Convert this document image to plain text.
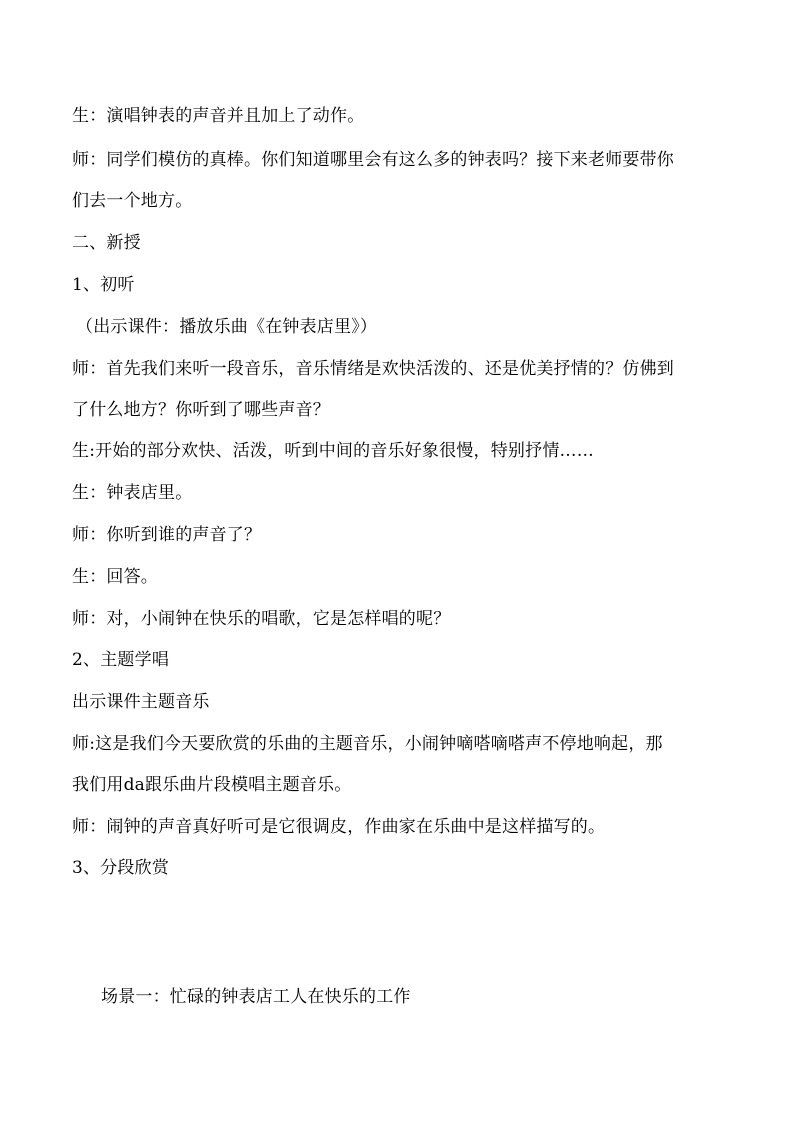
生：演唱钟表的声音并且加上了动作。
师：同学们模仿的真棒。你们知道哪里会有这么多的钟表吗？接下来老师要带你
们去一个地方。
二、新授
1、初听
（出示课件：播放乐曲《在钟表店里》）
师：首先我们来听一段音乐，音乐情绪是欢快活泼的、还是优美抒情的？仿佛到
了什么地方？你听到了哪些声音？
生:开始的部分欢快、活泼，听到中间的音乐好象很慢，特别抒情……
生：钟表店里。
师：你听到谁的声音了？
生：回答。
师：对，小闹钟在快乐的唱歌，它是怎样唱的呢？
2、主题学唱
出示课件主题音乐
师:这是我们今天要欣赏的乐曲的主题音乐，小闹钟嘀嗒嘀嗒声不停地响起，那
我们用da跟乐曲片段模唱主题音乐。
师：闹钟的声音真好听可是它很调皮，作曲家在乐曲中是这样描写的。
3、分段欣赏
场景一：忙碌的钟表店工人在快乐的工作
